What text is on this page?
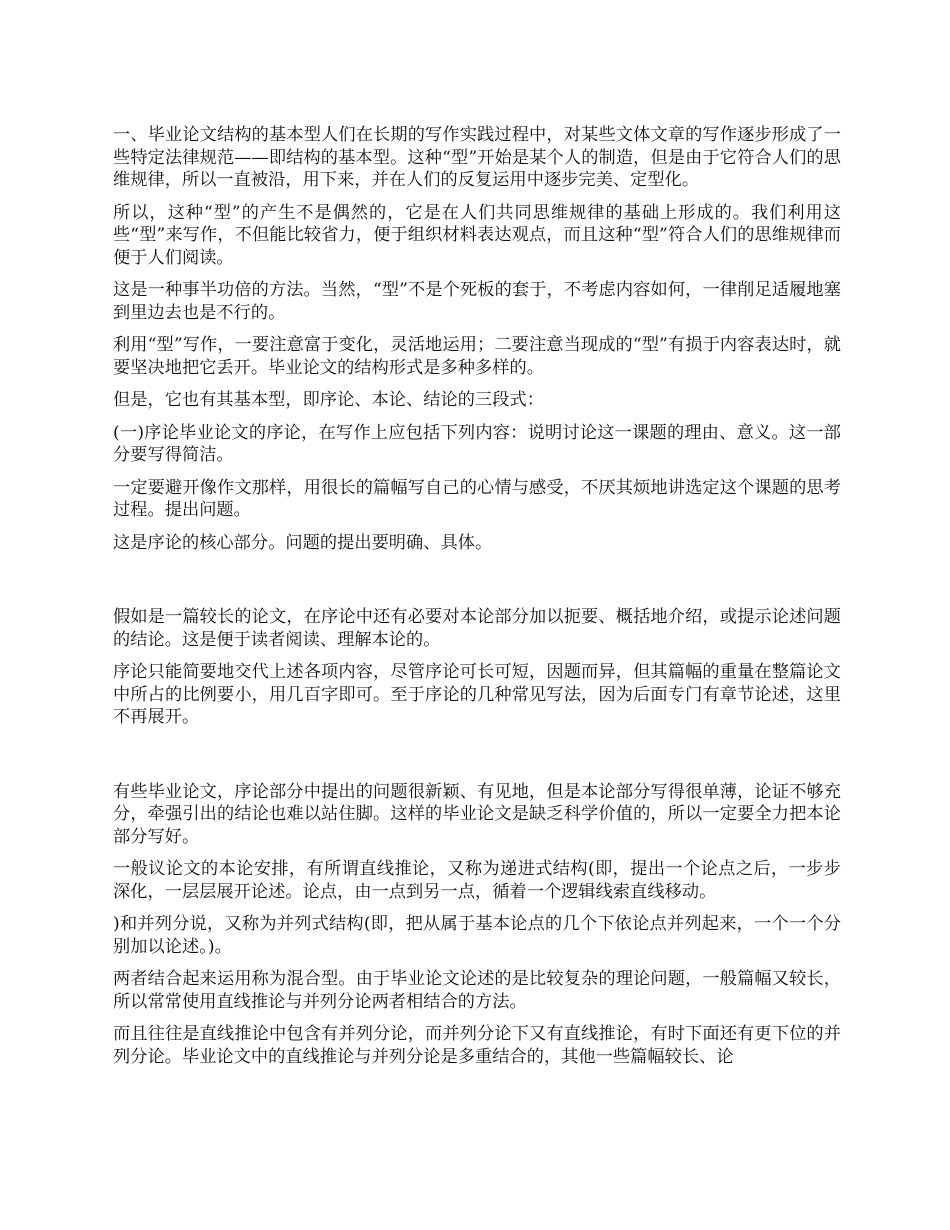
一、毕业论文结构的基本型人们在长期的写作实践过程中，对某些文体文章的写作逐步形成了一些特定法律规范——即结构的基本型。这种“型”开始是某个人的制造，但是由于它符合人们的思维规律，所以一直被沿，用下来，并在人们的反复运用中逐步完美、定型化。

所以，这种“型”的产生不是偶然的，它是在人们共同思维规律的基础上形成的。我们利用这些“型”来写作，不但能比较省力，便于组织材料表达观点，而且这种“型”符合人们的思维规律而便于人们阅读。

这是一种事半功倍的方法。当然，“型”不是个死板的套于，不考虑内容如何，一律削足适履地塞到里边去也是不行的。

利用“型”写作，一要注意富于变化，灵活地运用；二要注意当现成的“型”有损于内容表达时，就要坚决地把它丢开。毕业论文的结构形式是多种多样的。

但是，它也有其基本型，即序论、本论、结论的三段式：

(一)序论毕业论文的序论，在写作上应包括下列内容：说明讨论这一课题的理由、意义。这一部分要写得简洁。

一定要避开像作文那样，用很长的篇幅写自己的心情与感受，不厌其烦地讲选定这个课题的思考过程。提出问题。

这是序论的核心部分。问题的提出要明确、具体。

假如是一篇较长的论文，在序论中还有必要对本论部分加以扼要、概括地介绍，或提示论述问题的结论。这是便于读者阅读、理解本论的。

序论只能简要地交代上述各项内容，尽管序论可长可短，因题而异，但其篇幅的重量在整篇论文中所占的比例要小，用几百字即可。至于序论的几种常见写法，因为后面专门有章节论述，这里不再展开。

有些毕业论文，序论部分中提出的问题很新颖、有见地，但是本论部分写得很单薄，论证不够充分，牵强引出的结论也难以站住脚。这样的毕业论文是缺乏科学价值的，所以一定要全力把本论部分写好。

一般议论文的本论安排，有所谓直线推论，又称为递进式结构(即，提出一个论点之后，一步步深化，一层层展开论述。论点，由一点到另一点，循着一个逻辑线索直线移动。

)和并列分说，又称为并列式结构(即，把从属于基本论点的几个下依论点并列起来，一个一个分别加以论述。)。

两者结合起来运用称为混合型。由于毕业论文论述的是比较复杂的理论问题，一般篇幅又较长，所以常常使用直线推论与并列分论两者相结合的方法。

而且往往是直线推论中包含有并列分论，而并列分论下又有直线推论，有时下面还有更下位的并列分论。毕业论文中的直线推论与并列分论是多重结合的，其他一些篇幅较长、论
